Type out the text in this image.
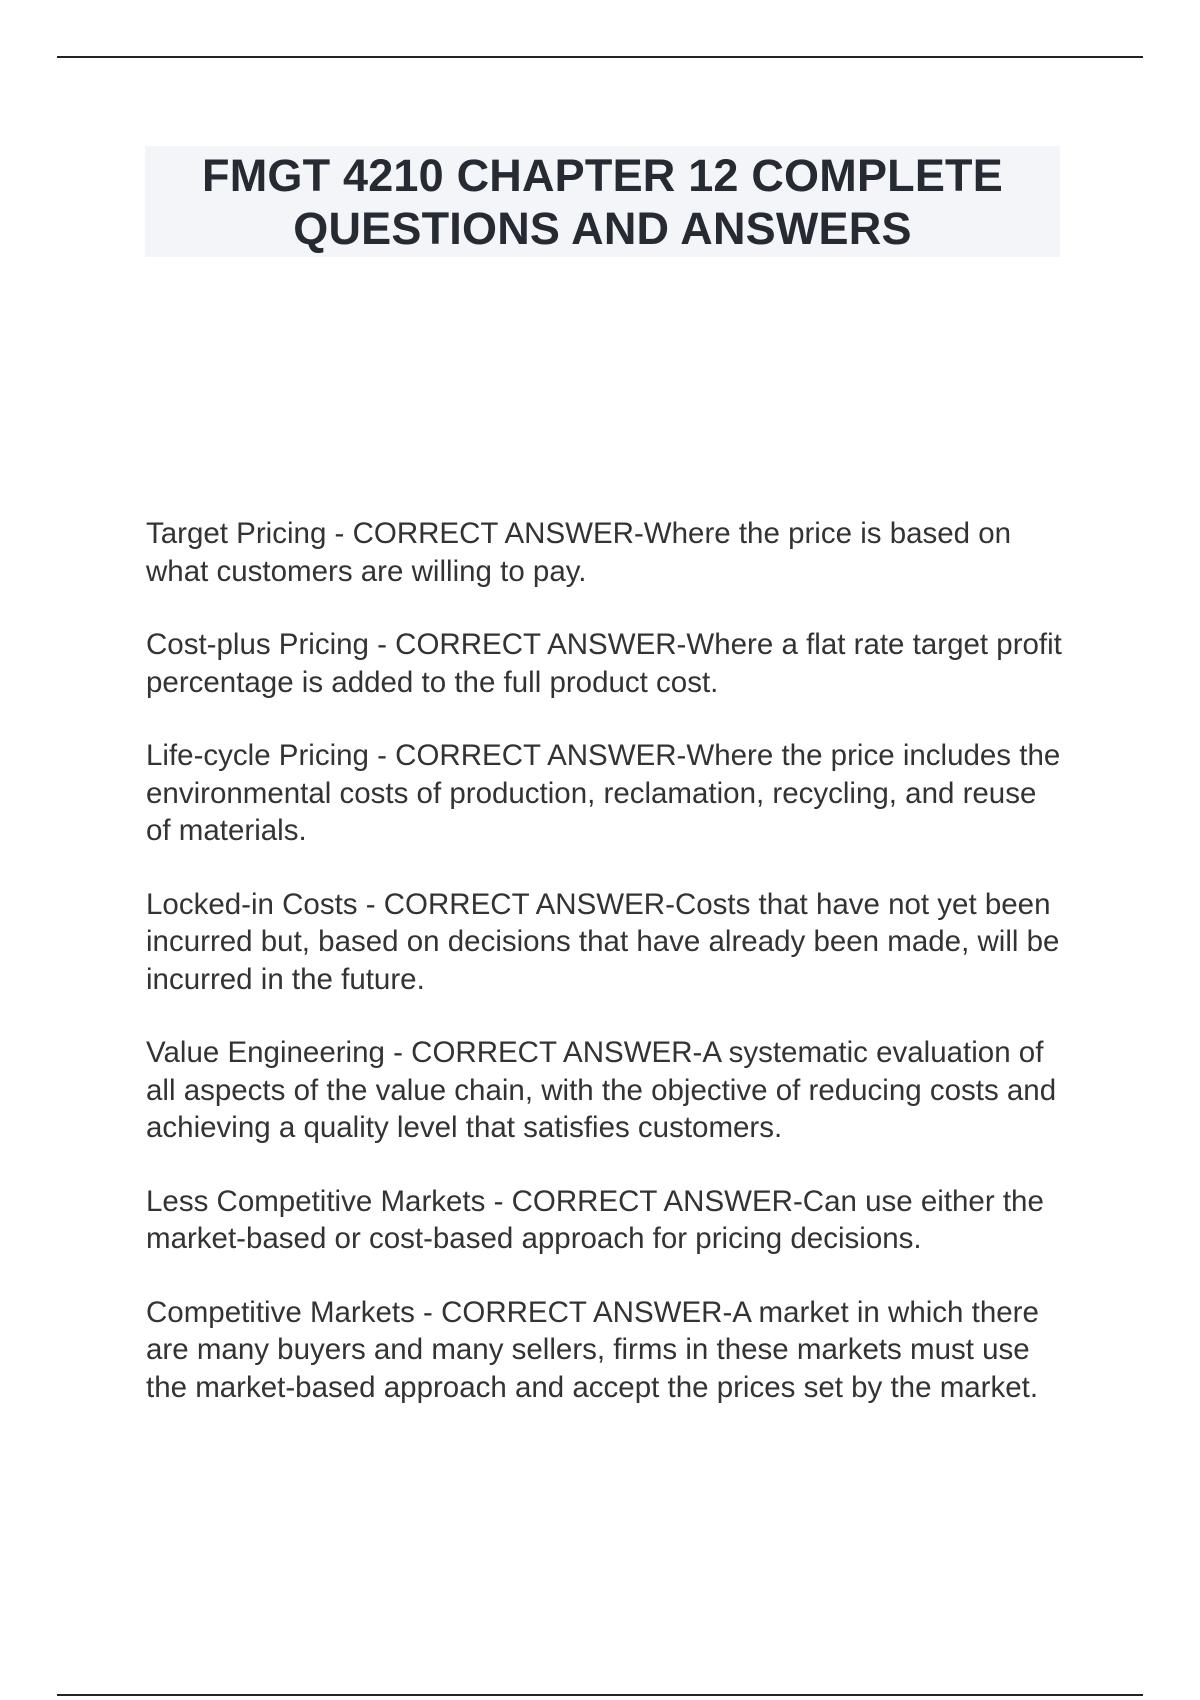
FMGT 4210 CHAPTER 12 COMPLETE
QUESTIONS AND ANSWERS

Target Pricing - CORRECT ANSWER-Where the price is based on what customers are willing to pay.

Cost-plus Pricing - CORRECT ANSWER-Where a flat rate target profit percentage is added to the full product cost.

Life-cycle Pricing - CORRECT ANSWER-Where the price includes the environmental costs of production, reclamation, recycling, and reuse of materials.

Locked-in Costs - CORRECT ANSWER-Costs that have not yet been incurred but, based on decisions that have already been made, will be incurred in the future.

Value Engineering - CORRECT ANSWER-A systematic evaluation of all aspects of the value chain, with the objective of reducing costs and achieving a quality level that satisfies customers.

Less Competitive Markets - CORRECT ANSWER-Can use either the market-based or cost-based approach for pricing decisions.

Competitive Markets - CORRECT ANSWER-A market in which there are many buyers and many sellers, firms in these markets must use the market-based approach and accept the prices set by the market.
